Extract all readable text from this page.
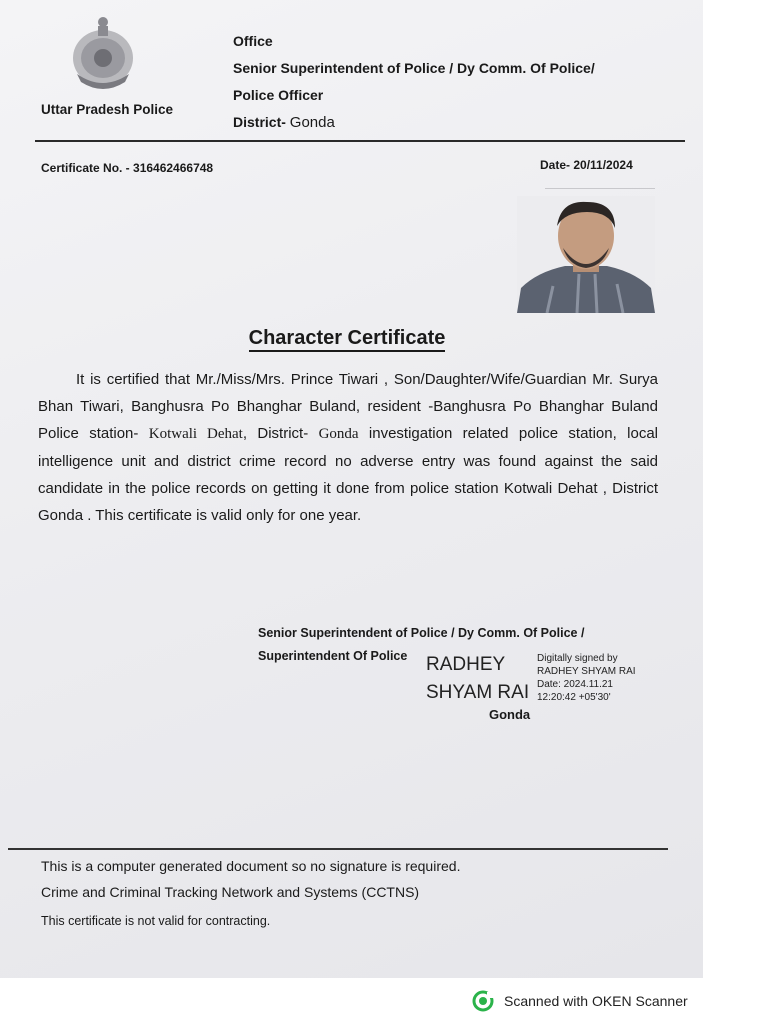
Uttar Pradesh Police
Office
Senior Superintendent of Police / Dy Comm. Of Police/
Police Officer
District- Gonda
Certificate No. - 316462466748	Date- 20/11/2024
Character Certificate
It is certified that Mr./Miss/Mrs. Prince Tiwari , Son/Daughter/Wife/Guardian Mr. Surya Bhan Tiwari, Banghusra Po Bhanghar Buland, resident -Banghusra Po Bhanghar Buland Police station- Kotwali Dehat, District- Gonda investigation related police station, local intelligence unit and district crime record no adverse entry was found against the said candidate in the police records on getting it done from police station Kotwali Dehat , District Gonda . This certificate is valid only for one year.
Senior Superintendent of Police / Dy Comm. Of Police /
Superintendent Of Police RADHEY
SHYAM RAI
Digitally signed by
RADHEY SHYAM RAI
Date: 2024.11.21
12:20:42 +05'30'
Gonda
This is a computer generated document so no signature is required.
Crime and Criminal Tracking Network and Systems (CCTNS)
This certificate is not valid for contracting.
Scanned with OKEN Scanner
